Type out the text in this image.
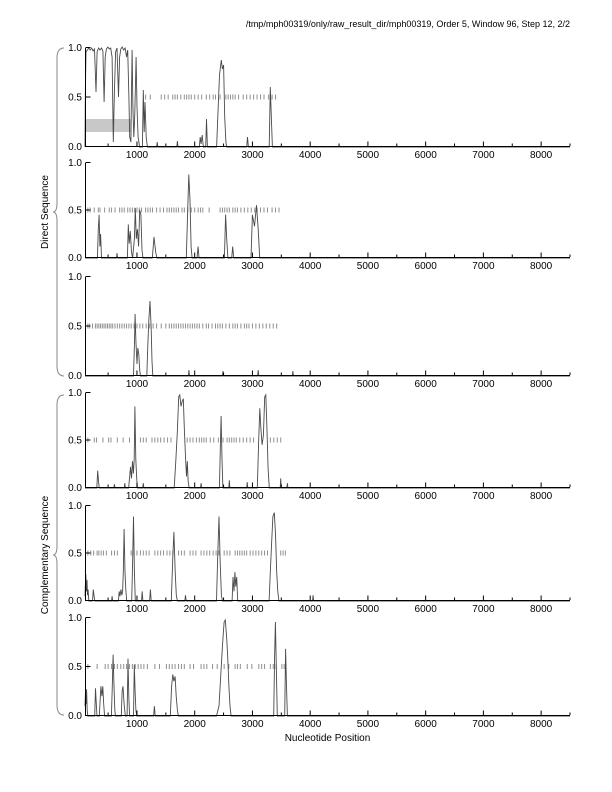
/tmp/mph00319/only/raw_result_dir/mph00319, Order 5, Window 96, Step 12, 2/2
Direct Sequence
Complementary Sequence
0.0
0.5
1.0
1000	2000	3000	4000	5000	6000	7000	8000
0.0
0.5
1.0
1000	2000	3000	4000	5000	6000	7000	8000
0.0
0.5
1.0
1000	2000	3000	4000	5000	6000	7000	8000
0.0
0.5
1.0
1000	2000	3000	4000	5000	6000	7000	8000
0.0
0.5
1.0
1000	2000	3000	4000	5000	6000	7000	8000
0.0
0.5
1.0
1000	2000	3000	4000	5000	6000	7000	8000
Nucleotide Position
